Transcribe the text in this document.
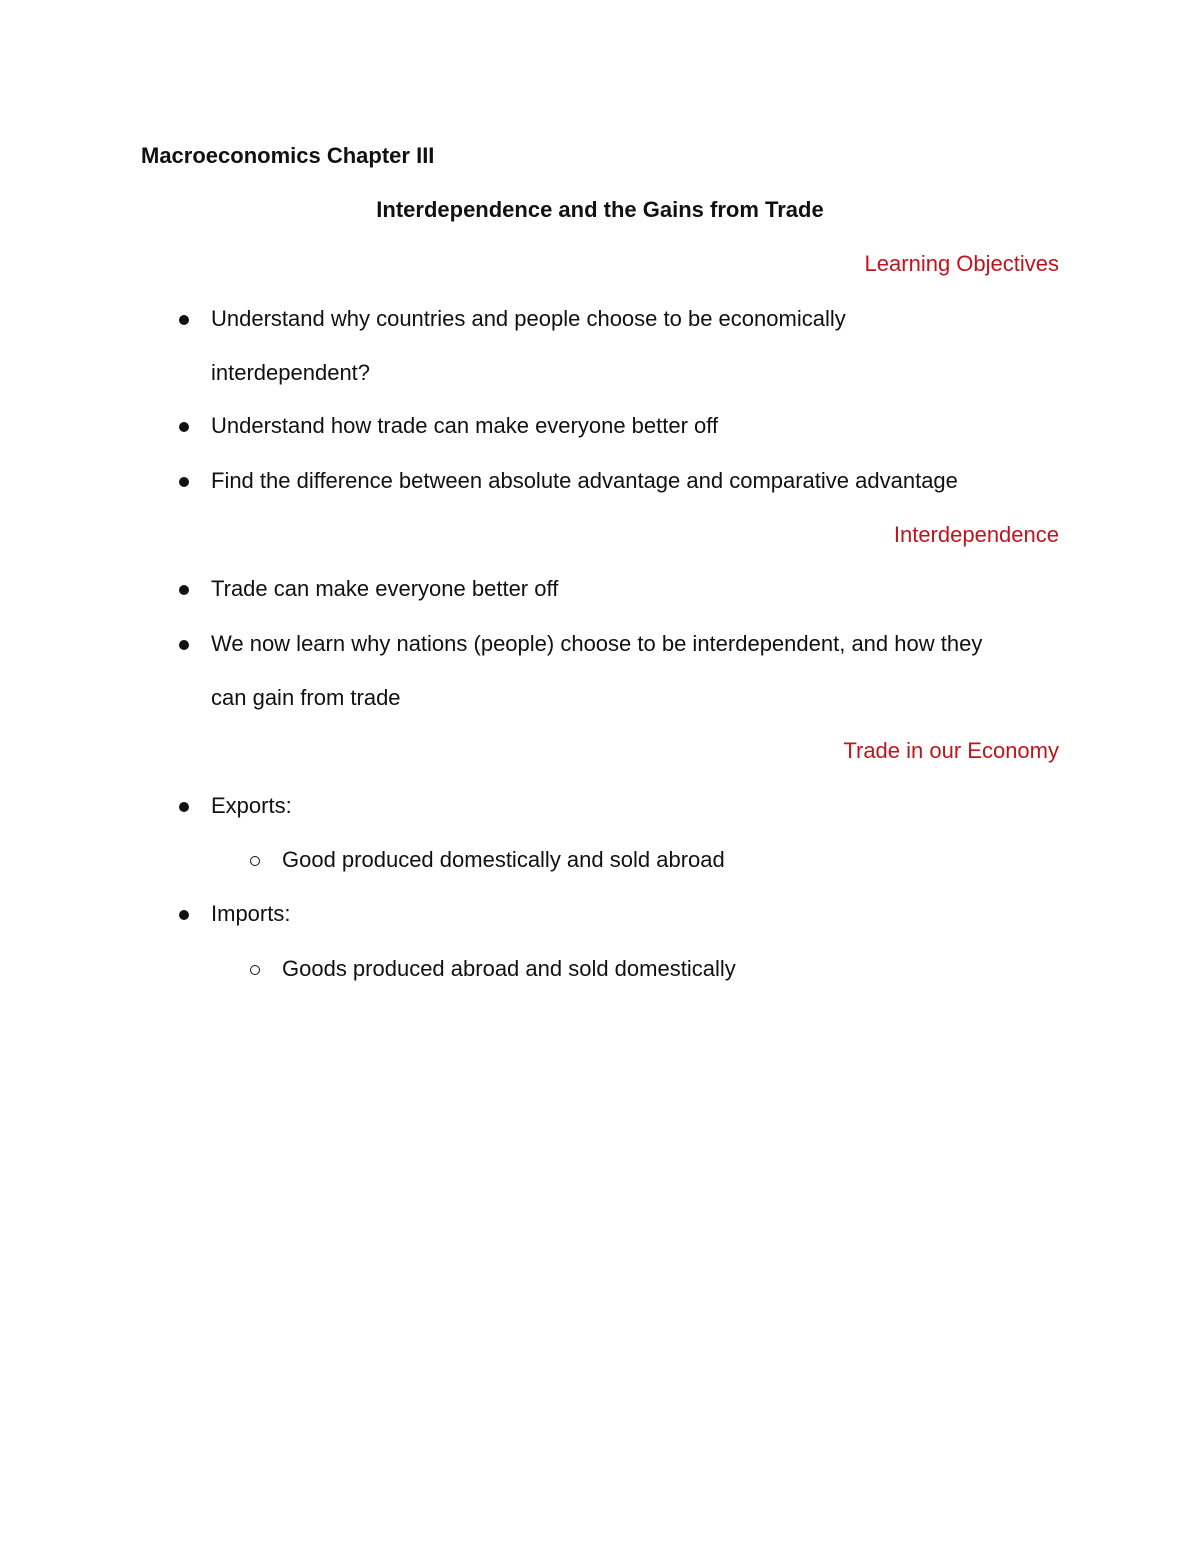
Macroeconomics Chapter III
Interdependence and the Gains from Trade
Learning Objectives
Understand why countries and people choose to be economically
interdependent?
Understand how trade can make everyone better off
Find the difference between absolute advantage and comparative advantage
Interdependence
Trade can make everyone better off
We now learn why nations (people) choose to be interdependent, and how they
can gain from trade
Trade in our Economy
Exports:
Good produced domestically and sold abroad
Imports:
Goods produced abroad and sold domestically
